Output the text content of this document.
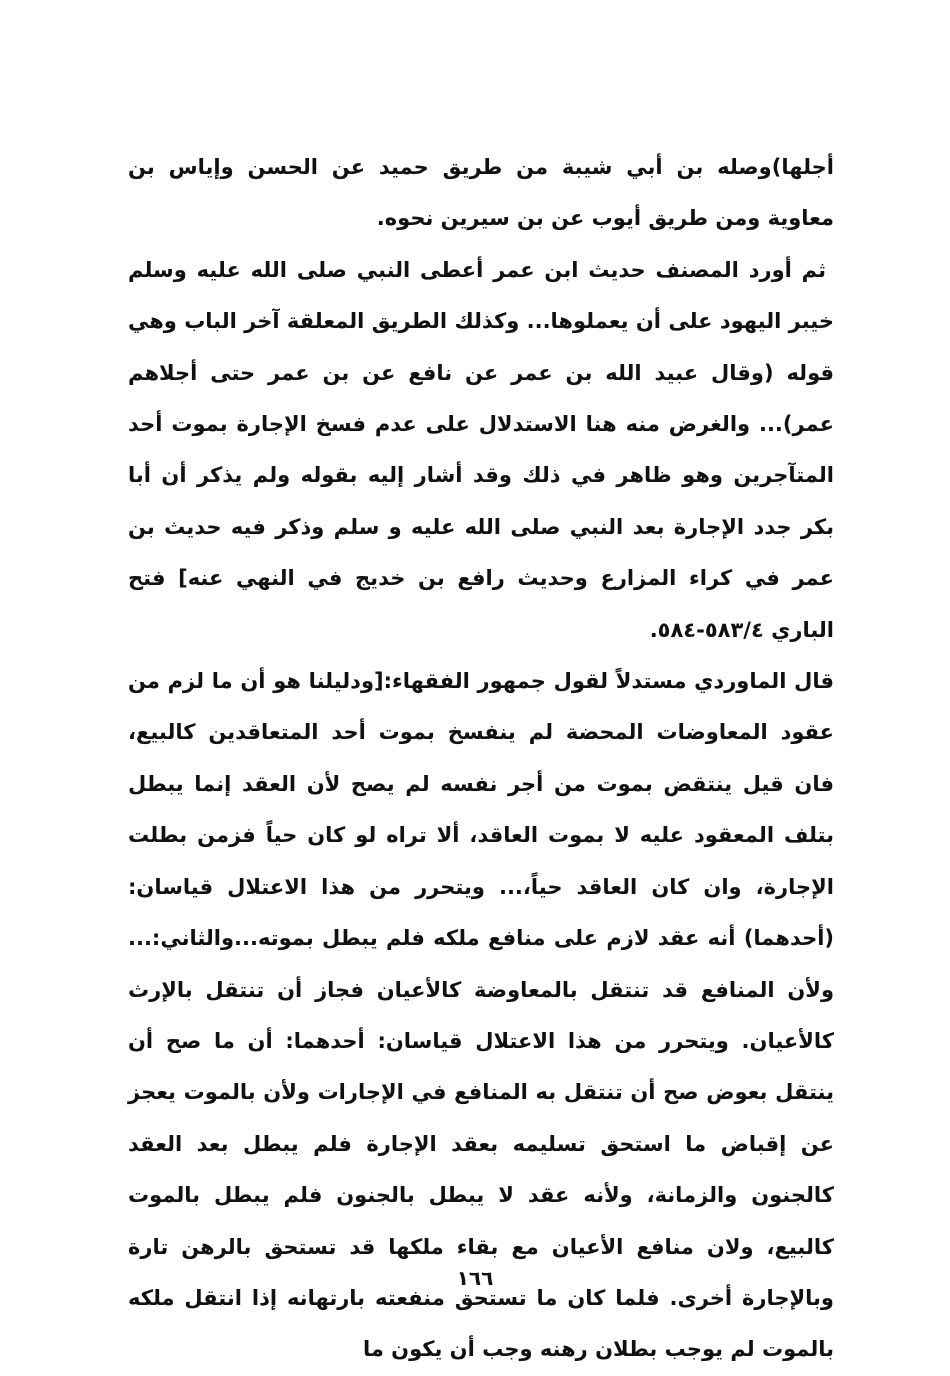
أجلها)وصله بن أبي شيبة من طريق حميد عن الحسن وإياس بن معاوية ومن طريق أيوب عن بن سيرين نحوه.

ثم أورد المصنف حديث ابن عمر أعطى النبي صلى الله عليه وسلم خيبر اليهود على أن يعملوها... وكذلك الطريق المعلقة آخر الباب وهي قوله (وقال عبيد الله بن عمر عن نافع عن بن عمر حتى أجلاهم عمر)... والغرض منه هنا الاستدلال على عدم فسخ الإجارة بموت أحد المتآجرين وهو ظاهر في ذلك وقد أشار إليه بقوله ولم يذكر أن أبا بكر جدد الإجارة بعد النبي صلى الله عليه و سلم وذكر فيه حديث بن عمر في كراء المزارع وحديث رافع بن خديج في النهي عنه] فتح الباري ٥٨٣/٤-٥٨٤.

قال الماوردي مستدلاً لقول جمهور الفقهاء:[ودليلنا هو أن ما لزم من عقود المعاوضات المحضة لم ينفسخ بموت أحد المتعاقدين كالبيع، فان قيل ينتقض بموت من أجر نفسه لم يصح لأن العقد إنما يبطل بتلف المعقود عليه لا بموت العاقد، ألا تراه لو كان حياً فزمن بطلت الإجارة، وان كان العاقد حياً،... ويتحرر من هذا الاعتلال قياسان:(أحدهما) أنه عقد لازم على منافع ملكه فلم يبطل بموته...والثاني:... ولأن المنافع قد تنتقل بالمعاوضة كالأعيان فجاز أن تنتقل بالإرث كالأعيان. ويتحرر من هذا الاعتلال قياسان: أحدهما: أن ما صح أن ينتقل بعوض صح أن تنتقل به المنافع في الإجارات ولأن بالموت يعجز عن إقباض ما استحق تسليمه بعقد الإجارة فلم يبطل بعد العقد كالجنون والزمانة، ولأنه عقد لا يبطل بالجنون فلم يبطل بالموت كالبيع، ولان منافع الأعيان مع بقاء ملكها قد تستحق بالرهن تارة وبالإجارة أخرى. فلما كان ما تستحق منفعته بارتهانه إذا انتقل ملكه بالموت لم يوجب بطلان رهنه وجب أن يكون ما

١٦٦
